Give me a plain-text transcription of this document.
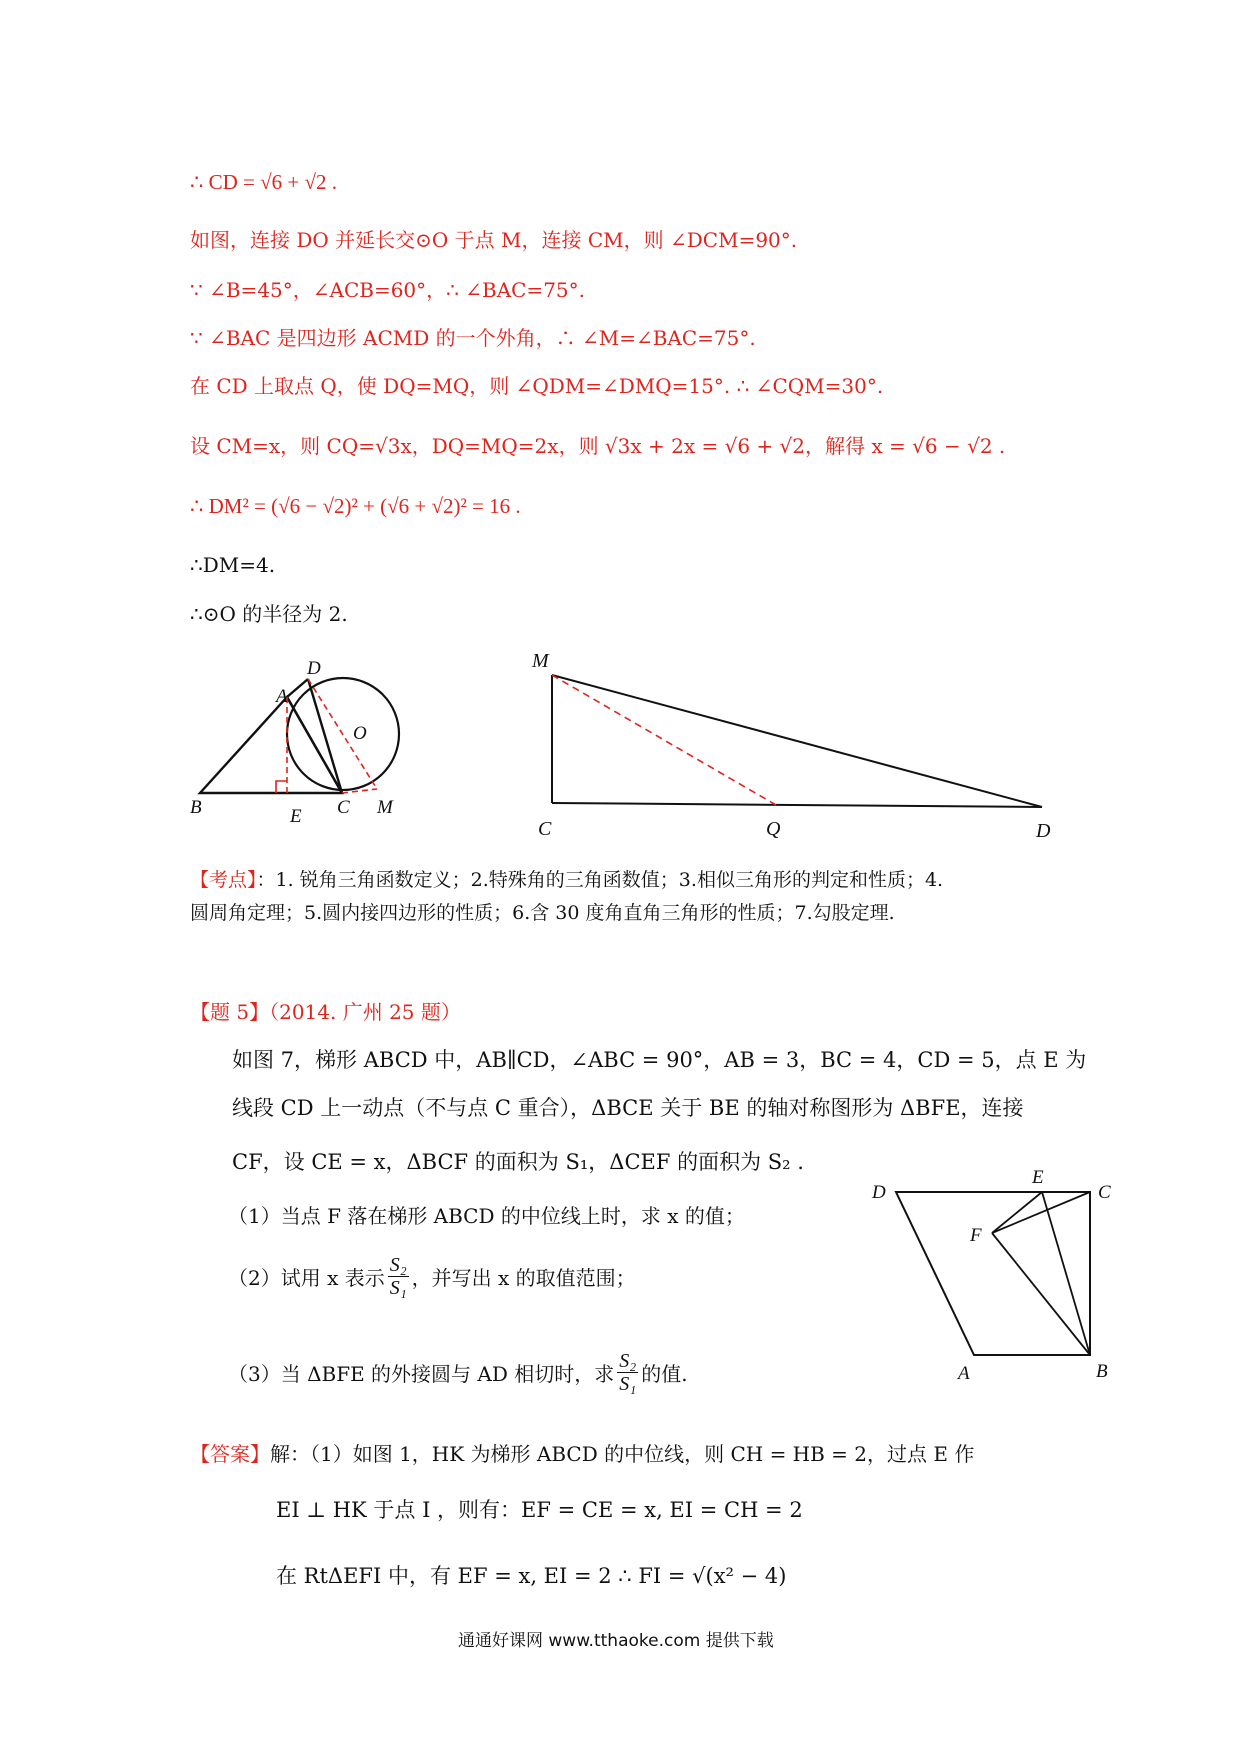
∴ CD = √6 + √2 .
如图，连接 DO 并延长交⊙O 于点 M，连接 CM，则 ∠DCM=90°.
∵ ∠B=45°，∠ACB=60°，∴ ∠BAC=75°.
∵ ∠BAC 是四边形 ACMD 的一个外角，∴ ∠M=∠BAC=75°.
在 CD 上取点 Q，使 DQ=MQ，则 ∠QDM=∠DMQ=15°. ∴ ∠CQM=30°.
设 CM=x，则 CQ=√3x，DQ=MQ=2x，则 √3x + 2x = √6 + √2，解得 x = √6 − √2 .
∴ DM² = (√6 − √2)² + (√6 + √2)² = 16 .
∴DM=4.
∴⊙O 的半径为 2.
D
A
O
B	E C M
M
C	Q	D
【考点】：1. 锐角三角函数定义；2.特殊角的三角函数值；3.相似三角形的判定和性质；4.
圆周角定理；5.圆内接四边形的性质；6.含 30 度角直角三角形的性质；7.勾股定理.
【题 5】（2014. 广州 25 题）
如图 7，梯形 ABCD 中，AB∥CD，∠ABC = 90°，AB = 3，BC = 4，CD = 5，点 E 为
线段 CD 上一动点（不与点 C 重合），ΔBCE 关于 BE 的轴对称图形为 ΔBFE，连接
CF，设 CE = x，ΔBCF 的面积为 S₁，ΔCEF 的面积为 S₂ .
（1）当点 F 落在梯形 ABCD 的中位线上时，求 x 的值；
（2）试用 x 表示 $\frac{\text{S₂}}{\text{S₁}}$ ，并写出 x 的取值范围；
（3）当 ΔBFE 的外接圆与 AD 相切时，求 $\frac{\text{S₂}}{\text{S₁}}$ 的值.
D
E
C
F
A	B
【答案】解：（1）如图 1，HK 为梯形 ABCD 的中位线，则 CH = HB = 2，过点 E 作
EI ⊥ HK 于点 I ，则有：EF = CE = x, EI = CH = 2
在 RtΔEFI 中，有 EF = x, EI = 2 ∴ FI = √(x² − 4)
通通好课网 www.tthaoke.com 提供下载
